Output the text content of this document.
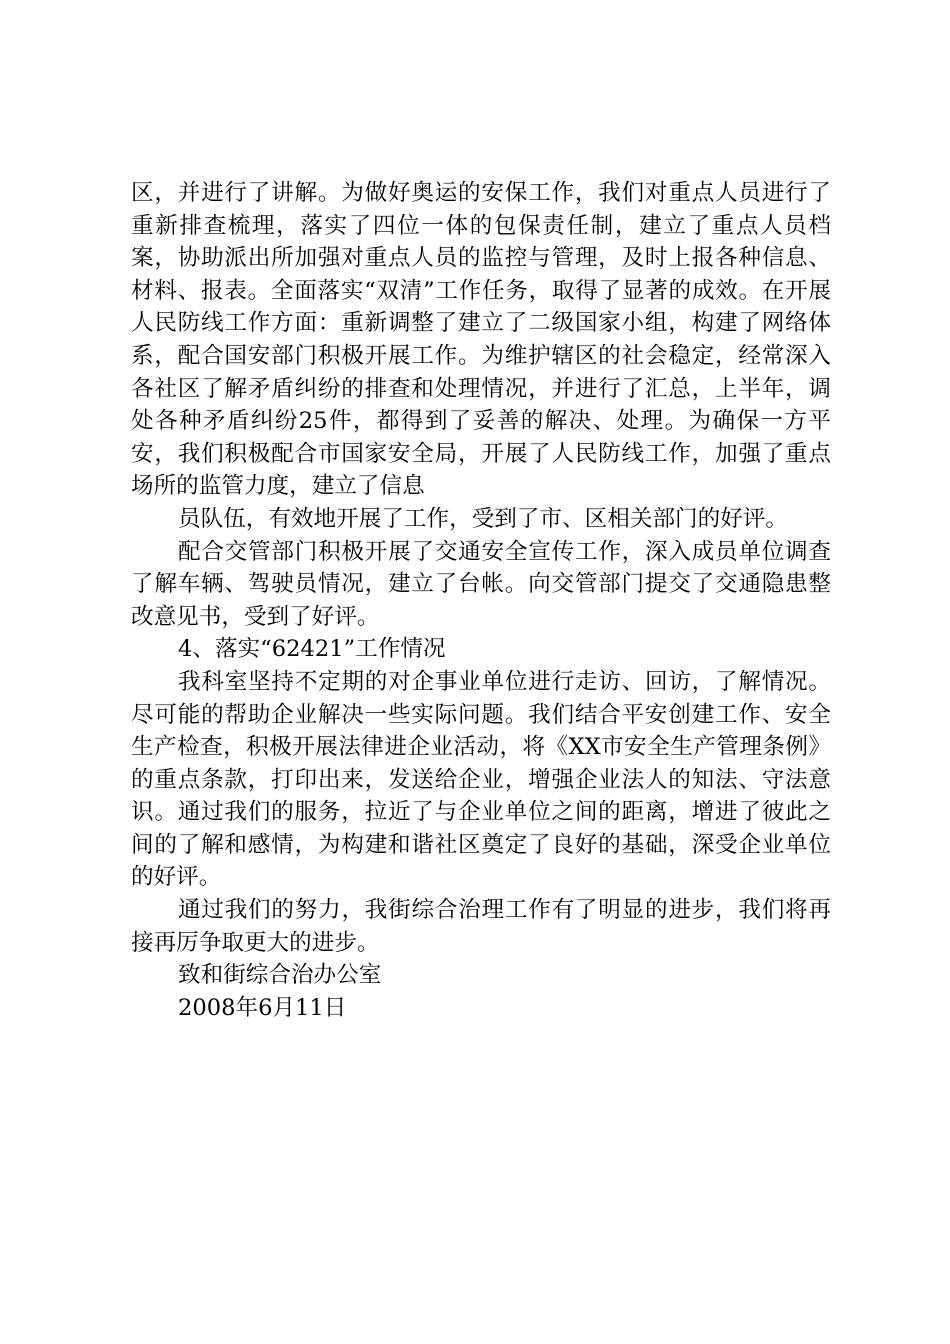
区，并进行了讲解。为做好奥运的安保工作，我们对重点人员进行了重新排查梳理，落实了四位一体的包保责任制，建立了重点人员档案，协助派出所加强对重点人员的监控与管理，及时上报各种信息、材料、报表。全面落实“双清”工作任务，取得了显著的成效。在开展人民防线工作方面：重新调整了建立了二级国家小组，构建了网络体系，配合国安部门积极开展工作。为维护辖区的社会稳定，经常深入各社区了解矛盾纠纷的排查和处理情况，并进行了汇总，上半年，调处各种矛盾纠纷25件，都得到了妥善的解决、处理。为确保一方平安，我们积极配合市国家安全局，开展了人民防线工作，加强了重点场所的监管力度，建立了信息

员队伍，有效地开展了工作，受到了市、区相关部门的好评。

配合交管部门积极开展了交通安全宣传工作，深入成员单位调查了解车辆、驾驶员情况，建立了台帐。向交管部门提交了交通隐患整改意见书，受到了好评。

4、落实“62421”工作情况

我科室坚持不定期的对企事业单位进行走访、回访，了解情况。尽可能的帮助企业解决一些实际问题。我们结合平安创建工作、安全生产检查，积极开展法律进企业活动，将《XX市安全生产管理条例》的重点条款，打印出来，发送给企业，增强企业法人的知法、守法意识。通过我们的服务，拉近了与企业单位之间的距离，增进了彼此之间的了解和感情，为构建和谐社区奠定了良好的基础，深受企业单位的好评。

通过我们的努力，我街综合治理工作有了明显的进步，我们将再接再厉争取更大的进步。

致和街综合治办公室

2008年6月11日
